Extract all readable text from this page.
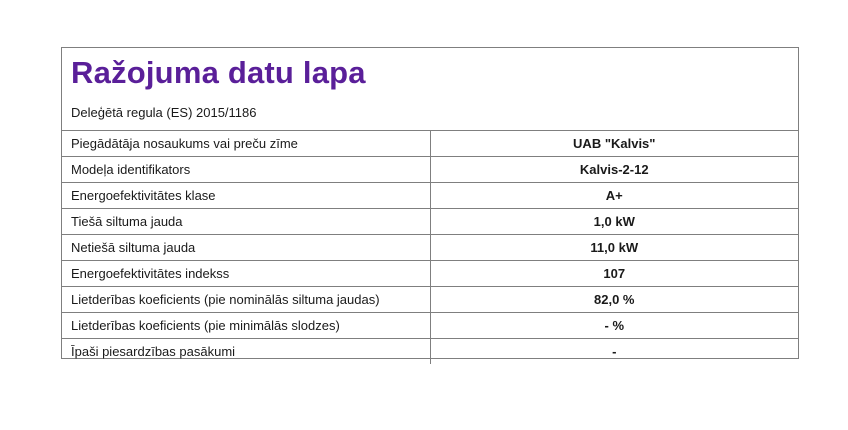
Ražojuma datu lapa
Deleģētā regula (ES) 2015/1186
Piegādātāja nosaukums vai preču zīme	UAB "Kalvis"
Modeļa identifikators	Kalvis-2-12
Energoefektivitātes klase	A+
Tiešā siltuma jauda	1,0 kW
Netiešā siltuma jauda	11,0 kW
Energoefektivitātes indekss	107
Lietderības koeficients (pie nominālās siltuma jaudas)	82,0 %
Lietderības koeficients (pie minimālās slodzes)	- %
Īpaši piesardzības pasākumi	-
